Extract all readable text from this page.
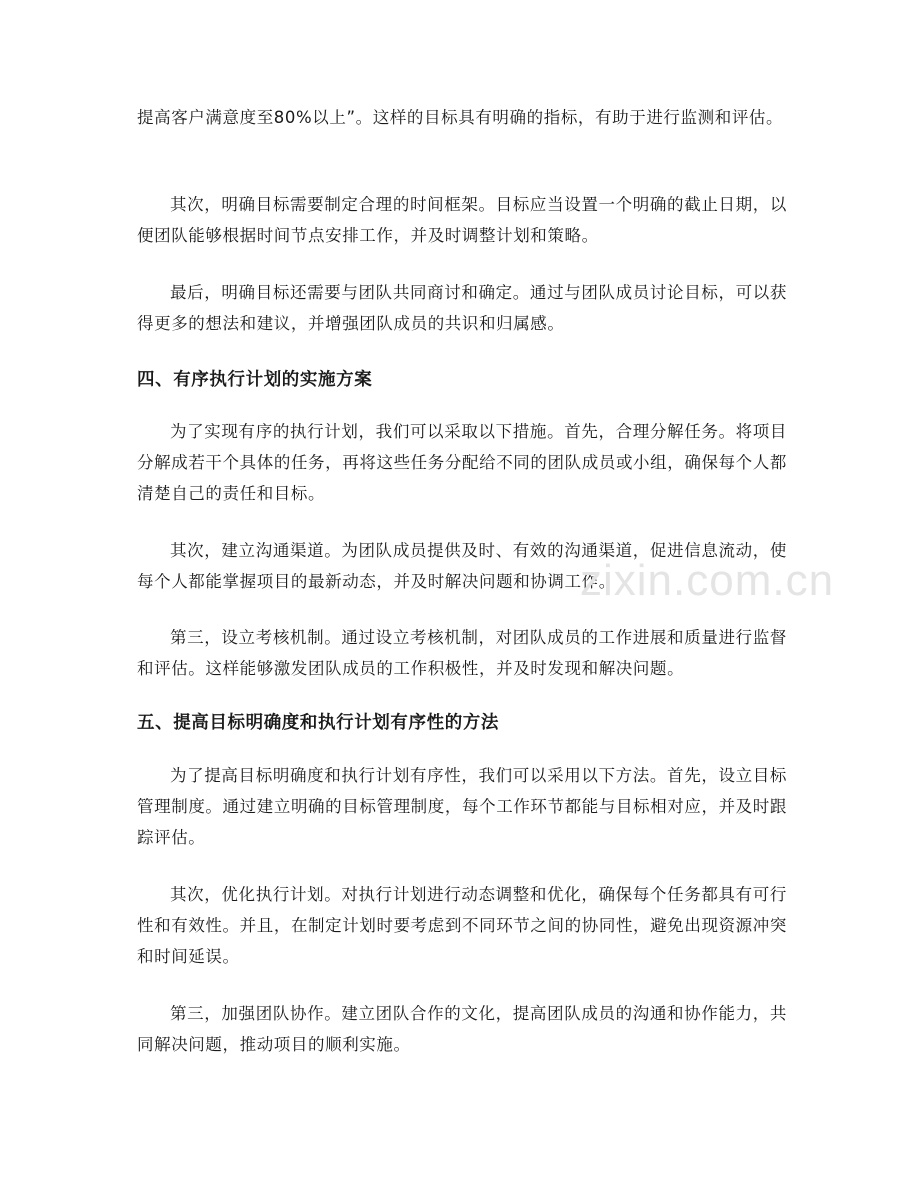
提高客户满意度至80%以上”。这样的目标具有明确的指标，有助于进行监测和评估。

其次，明确目标需要制定合理的时间框架。目标应当设置一个明确的截止日期，以便团队能够根据时间节点安排工作，并及时调整计划和策略。

最后，明确目标还需要与团队共同商讨和确定。通过与团队成员讨论目标，可以获得更多的想法和建议，并增强团队成员的共识和归属感。

四、有序执行计划的实施方案

为了实现有序的执行计划，我们可以采取以下措施。首先，合理分解任务。将项目分解成若干个具体的任务，再将这些任务分配给不同的团队成员或小组，确保每个人都清楚自己的责任和目标。

其次，建立沟通渠道。为团队成员提供及时、有效的沟通渠道，促进信息流动，使每个人都能掌握项目的最新动态，并及时解决问题和协调工作。

第三，设立考核机制。通过设立考核机制，对团队成员的工作进展和质量进行监督和评估。这样能够激发团队成员的工作积极性，并及时发现和解决问题。

五、提高目标明确度和执行计划有序性的方法

为了提高目标明确度和执行计划有序性，我们可以采用以下方法。首先，设立目标管理制度。通过建立明确的目标管理制度，每个工作环节都能与目标相对应，并及时跟踪评估。

其次，优化执行计划。对执行计划进行动态调整和优化，确保每个任务都具有可行性和有效性。并且，在制定计划时要考虑到不同环节之间的协同性，避免出现资源冲突和时间延误。

第三，加强团队协作。建立团队合作的文化，提高团队成员的沟通和协作能力，共同解决问题，推动项目的顺利实施。

zixin.com.cn
